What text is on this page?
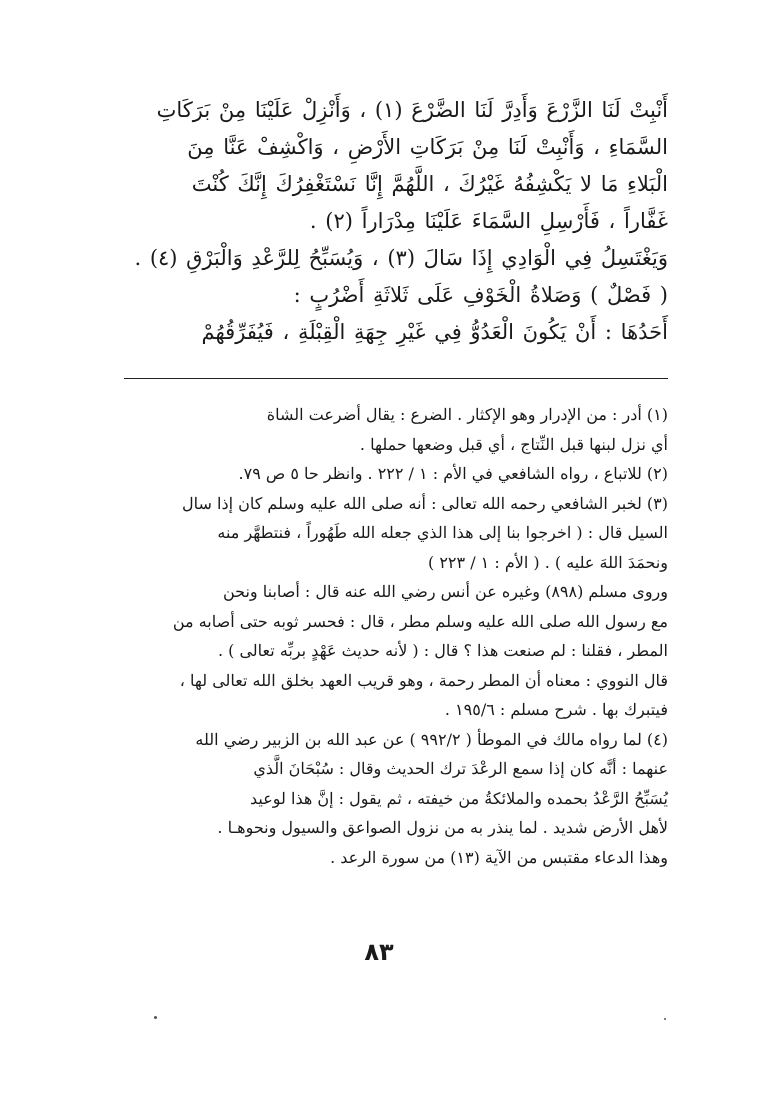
أَنْبِتْ لَنَا الزَّرْعَ وَأَدِرَّ لَنَا الضَّرْعَ (١) ، وَأَنْزِلْ عَلَيْنَا مِنْ بَرَكَاتِ

السَّمَاءِ ، وَأَنْبِتْ لَنَا مِنْ بَرَكَاتِ الأَرْضِ ، وَاكْشِفْ عَنَّا مِنَ

الْبَلاءِ مَا لا يَكْشِفُهُ غَيْرُكَ ، اللَّهُمَّ إِنَّا نَسْتَغْفِرُكَ إِنَّكَ كُنْتَ

غَفَّاراً ، فَأَرْسِلِ السَّمَاءَ عَلَيْنَا مِدْرَاراً (٢) .

وَيَغْتَسِلُ فِي الْوَادِي إِذَا سَالَ (٣) ، وَيُسَبِّحُ لِلرَّعْدِ وَالْبَرْقِ (٤) .

( فَصْلٌ ) وَصَلاةُ الْخَوْفِ عَلَى ثَلاثَةِ أَضْرُبٍ :

أَحَدُهَا : أَنْ يَكُونَ الْعَدُوُّ فِي غَيْرِ جِهَةِ الْقِبْلَةِ ، فَيُفَرِّقُهُمْ

(١) أدر : من الإدرار وهو الإكثار . الضرع : يقال أضرعت الشاة

أي نزل لبنها قبل النِّتاج ، أي قبل وضعها حملها .

(٢) للاتباع ، رواه الشافعي في الأم : ١ / ٢٢٢ . وانظر حا ٥ ص ٧٩.

(٣) لخبر الشافعي رحمه الله تعالى : أنه صلى الله عليه وسلم كان إذا سال

السيل قال : ( اخرجوا بنا إلى هذا الذي جعله الله طَهُوراً ، فنتطهَّر منه

ونحمَدَ اللهَ عليه ) . ( الأم : ١ / ٢٢٣ )

وروى مسلم (٨٩٨) وغيره عن أنس رضي الله عنه قال : أصابنا ونحن

مع رسول الله صلى الله عليه وسلم مطر ، قال : فحسر ثوبه حتى أصابه من

المطر ، فقلنا : لم صنعت هذا ؟ قال : ( لأنه حديث عَهْدٍ بربِّه تعالى ) .

قال النووي : معناه أن المطر رحمة ، وهو قريب العهد بخلق الله تعالى لها ،

فيتبرك بها . شرح مسلم : ١٩٥/٦ .

(٤) لما رواه مالك في الموطأ ( ٩٩٢/٢ ) عن عبد الله بن الزبير رضي الله

عنهما : أنَّه كان إذا سمع الرعْدَ ترك الحديث وقال : سُبْحَانَ الَّذي

يُسَبِّحُ الرَّعْدُ بحمده والملائكةُ من خيفته ، ثم يقول : إنَّ هذا لوعيد

لأهل الأرض شديد . لما ينذر به من نزول الصواعق والسيول ونحوهـا .

وهذا الدعاء مقتبس من الآية (١٣) من سورة الرعد .

٨٣
